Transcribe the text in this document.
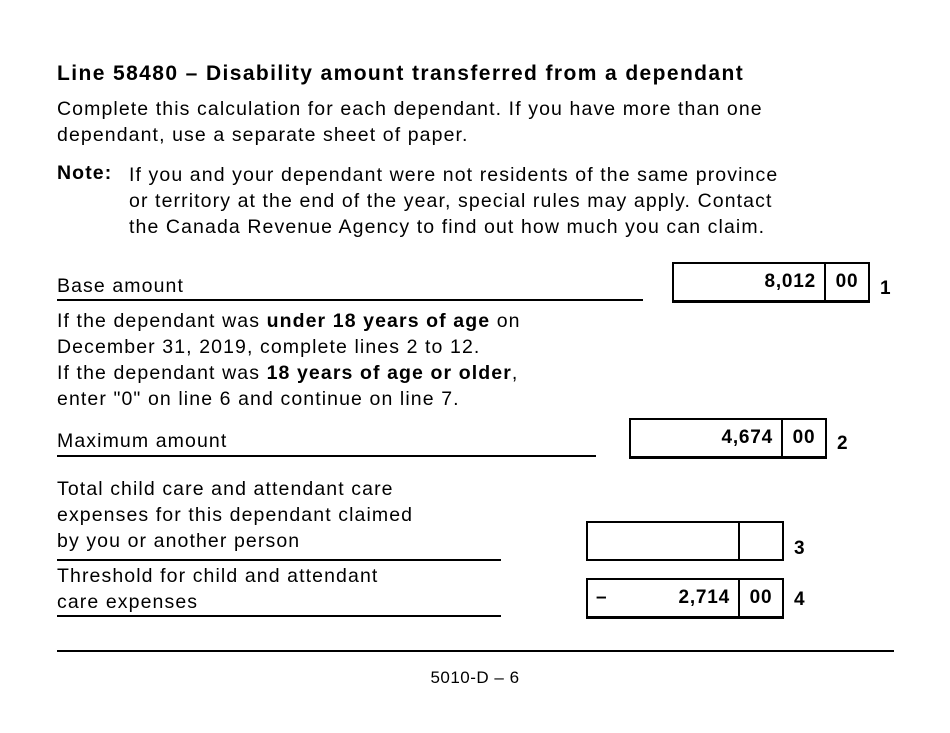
Line 58480 – Disability amount transferred from a dependant
Complete this calculation for each dependant. If you have more than one
dependant, use a separate sheet of paper.
Note: If you and your dependant were not residents of the same province
or territory at the end of the year, special rules may apply. Contact
the Canada Revenue Agency to find out how much you can claim.
Base amount	8,012	00	1
If the dependant was under 18 years of age on
December 31, 2019, complete lines 2 to 12.
If the dependant was 18 years of age or older,
enter "0" on line 6 and continue on line 7.
Maximum amount	4,674	00	2
Total child care and attendant care
expenses for this dependant claimed
by you or another person	3
Threshold for child and attendant
care expenses	–	2,714	00	4
5010-D – 6
